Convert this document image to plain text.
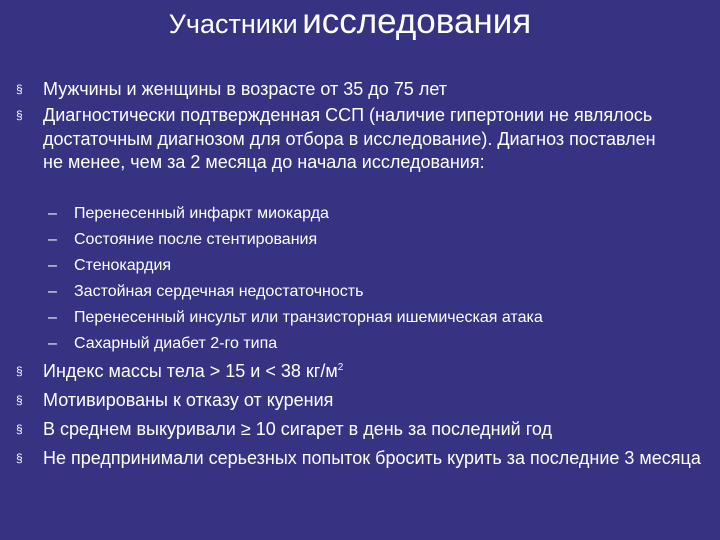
Участники исследования
§ Мужчины и женщины в возрасте от 35 до 75 лет
§ Диагностически подтвержденная ССП (наличие гипертонии не являлось достаточным диагнозом для отбора в исследование). Диагноз поставлен не менее, чем за 2 месяца до начала исследования:
– Перенесенный инфаркт миокарда
– Состояние после стентирования
– Стенокардия
– Застойная сердечная недостаточность
– Перенесенный инсульт или транзисторная ишемическая атака
– Сахарный диабет 2-го типа
§ Индекс массы тела > 15 и < 38 $кг/м^2$
§ Мотивированы к отказу от курения
§ В среднем выкуривали ≥ 10 сигарет в день за последний год
§ Не предпринимали серьезных попыток бросить курить за последние 3 месяца
